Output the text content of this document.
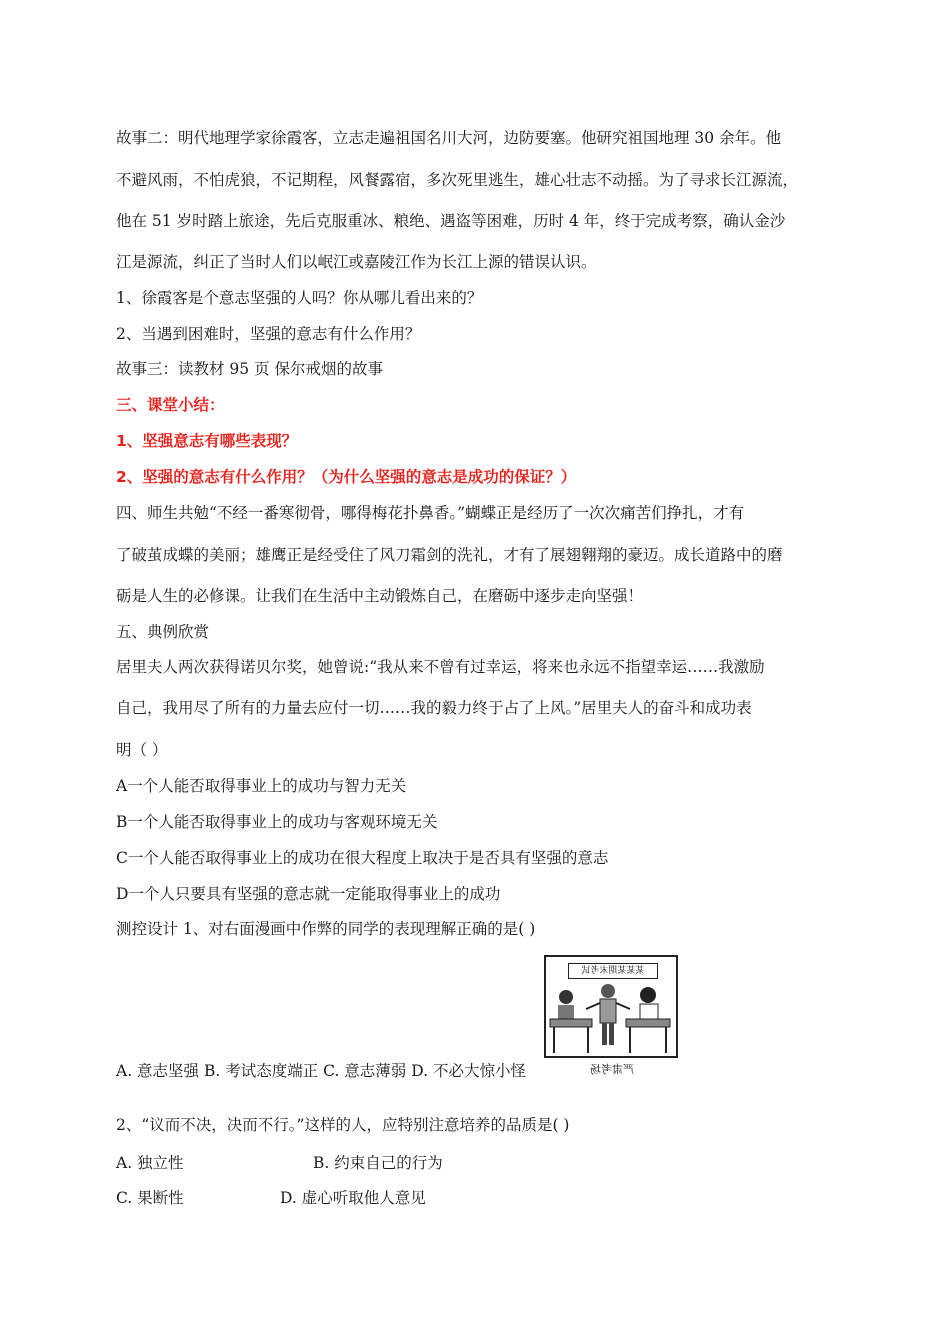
故事二：明代地理学家徐霞客，立志走遍祖国名川大河，边防要塞。他研究祖国地理 30 余年。他
不避风雨，不怕虎狼，不记期程，风餐露宿，多次死里逃生，雄心壮志不动摇。为了寻求长江源流，
他在 51 岁时踏上旅途，先后克服重冰、粮绝、遇盗等困难，历时 4 年，终于完成考察，确认金沙
江是源流，纠正了当时人们以岷江或嘉陵江作为长江上源的错误认识。
1、徐霞客是个意志坚强的人吗？你从哪儿看出来的？
2、当遇到困难时，坚强的意志有什么作用？
故事三：读教材 95 页 保尔戒烟的故事
三、课堂小结：
1、坚强意志有哪些表现？
2、坚强的意志有什么作用？（为什么坚强的意志是成功的保证？）
四、师生共勉“不经一番寒彻骨，哪得梅花扑鼻香。”蝴蝶正是经历了一次次痛苦们挣扎，才有
了破茧成蝶的美丽；雄鹰正是经受住了风刀霜剑的洗礼，才有了展翅翱翔的豪迈。成长道路中的磨
砺是人生的必修课。让我们在生活中主动锻炼自己，在磨砺中逐步走向坚强！
五、典例欣赏
居里夫人两次获得诺贝尔奖，她曾说:“我从来不曾有过幸运，将来也永远不指望幸运……我激励
自己，我用尽了所有的力量去应付一切……我的毅力终于占了上风。”居里夫人的奋斗和成功表
明（ ）
A一个人能否取得事业上的成功与智力无关
B一个人能否取得事业上的成功与客观环境无关
C一个人能否取得事业上的成功在很大程度上取决于是否具有坚强的意志
D一个人只要具有坚强的意志就一定能取得事业上的成功
测控设计 1、对右面漫画中作弊的同学的表现理解正确的是( )
某某某期末考试
A. 意志坚强 B. 考试态度端正 C. 意志薄弱 D. 不必大惊小怪	严肃考场
2、“议而不决，决而不行。”这样的人，应特别注意培养的品质是( )
A. 独立性	B. 约束自己的行为
C. 果断性	D. 虚心听取他人意见
